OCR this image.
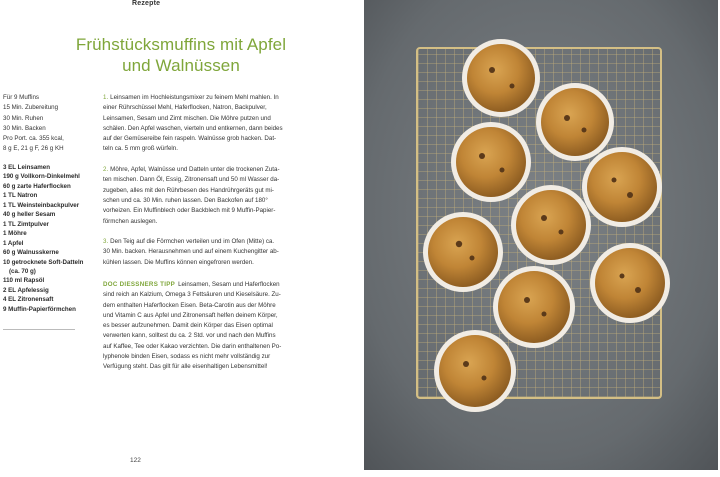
Rezepte
Frühstücksmuffins mit Apfel
und Walnüssen
Für 9 Muffins
15 Min. Zubereitung
30 Min. Ruhen
30 Min. Backen
Pro Port. ca. 355 kcal,
8 g E, 21 g F, 26 g KH
3 EL Leinsamen
190 g Vollkorn-Dinkelmehl
60 g zarte Haferflocken
1 TL Natron
1 TL Weinsteinbackpulver
40 g heller Sesam
1 TL Zimtpulver
1 Möhre
1 Apfel
60 g Walnusskerne
10 getrocknete Soft-Datteln
(ca. 70 g)
110 ml Rapsöl
2 EL Apfelessig
4 EL Zitronensaft
9 Muffin-Papierförmchen
1. Leinsamen im Hochleistungsmixer zu feinem Mehl mahlen. In
einer Rührschüssel Mehl, Haferflocken, Natron, Backpulver,
Leinsamen, Sesam und Zimt mischen. Die Möhre putzen und
schälen. Den Apfel waschen, vierteln und entkernen, dann beides
auf der Gemüsereibe fein raspeln. Walnüsse grob hacken. Dat-
teln ca. 5 mm groß würfeln.
2. Möhre, Apfel, Walnüsse und Datteln unter die trockenen Zuta-
ten mischen. Dann Öl, Essig, Zitronensaft und 50 ml Wasser da-
zugeben, alles mit den Rührbesen des Handrührgeräts gut mi-
schen und ca. 30 Min. ruhen lassen. Den Backofen auf 180°
vorheizen. Ein Muffinblech oder Backblech mit 9 Muffin-Papier-
förmchen auslegen.
3. Den Teig auf die Förmchen verteilen und im Ofen (Mitte) ca.
30 Min. backen. Herausnehmen und auf einem Kuchengitter ab-
kühlen lassen. Die Muffins können eingefroren werden.
DOC DIESSNERS TIPP Leinsamen, Sesam und Haferflocken
sind reich an Kalzium, Omega 3 Fettsäuren und Kieselsäure. Zu-
dem enthalten Haferflocken Eisen. Beta-Carotin aus der Möhre
und Vitamin C aus Apfel und Zitronensaft helfen deinem Körper,
es besser aufzunehmen. Damit dein Körper das Eisen optimal
verwerten kann, solltest du ca. 2 Std. vor und nach den Muffins
auf Kaffee, Tee oder Kakao verzichten. Die darin enthaltenen Po-
lyphenole binden Eisen, sodass es nicht mehr vollständig zur
Verfügung steht. Das gilt für alle eisenhaltigen Lebensmittel!
122
